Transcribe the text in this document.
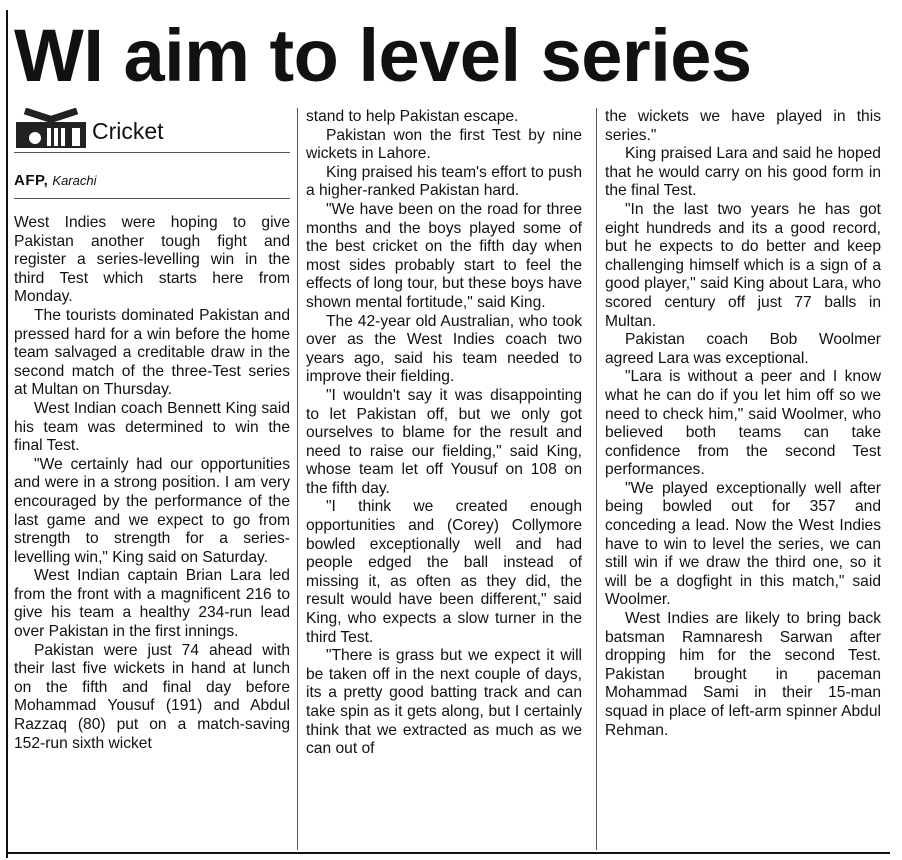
WI aim to level series
Cricket
AFP, Karachi

West Indies were hoping to give Pakistan another tough fight and register a series-levelling win in the third Test which starts here from Monday.

The tourists dominated Pakistan and pressed hard for a win before the home team salvaged a creditable draw in the second match of the three-Test series at Multan on Thursday.

West Indian coach Bennett King said his team was determined to win the final Test.

"We certainly had our opportunities and were in a strong position. I am very encouraged by the performance of the last game and we expect to go from strength to strength for a series-levelling win," King said on Saturday.

West Indian captain Brian Lara led from the front with a magnificent 216 to give his team a healthy 234-run lead over Pakistan in the first innings.

Pakistan were just 74 ahead with their last five wickets in hand at lunch on the fifth and final day before Mohammad Yousuf (191) and Abdul Razzaq (80) put on a match-saving 152-run sixth wicket

stand to help Pakistan escape.

Pakistan won the first Test by nine wickets in Lahore.

King praised his team's effort to push a higher-ranked Pakistan hard.

"We have been on the road for three months and the boys played some of the best cricket on the fifth day when most sides probably start to feel the effects of long tour, but these boys have shown mental fortitude," said King.

The 42-year old Australian, who took over as the West Indies coach two years ago, said his team needed to improve their fielding.

"I wouldn't say it was disappointing to let Pakistan off, but we only got ourselves to blame for the result and need to raise our fielding," said King, whose team let off Yousuf on 108 on the fifth day.

"I think we created enough opportunities and (Corey) Collymore bowled exceptionally well and had people edged the ball instead of missing it, as often as they did, the result would have been different," said King, who expects a slow turner in the third Test.

"There is grass but we expect it will be taken off in the next couple of days, its a pretty good batting track and can take spin as it gets along, but I certainly think that we extracted as much as we can out of

the wickets we have played in this series."

King praised Lara and said he hoped that he would carry on his good form in the final Test.

"In the last two years he has got eight hundreds and its a good record, but he expects to do better and keep challenging himself which is a sign of a good player," said King about Lara, who scored century off just 77 balls in Multan.

Pakistan coach Bob Woolmer agreed Lara was exceptional.

"Lara is without a peer and I know what he can do if you let him off so we need to check him," said Woolmer, who believed both teams can take confidence from the second Test performances.

"We played exceptionally well after being bowled out for 357 and conceding a lead. Now the West Indies have to win to level the series, we can still win if we draw the third one, so it will be a dogfight in this match," said Woolmer.

West Indies are likely to bring back batsman Ramnaresh Sarwan after dropping him for the second Test. Pakistan brought in paceman Mohammad Sami in their 15-man squad in place of left-arm spinner Abdul Rehman.
